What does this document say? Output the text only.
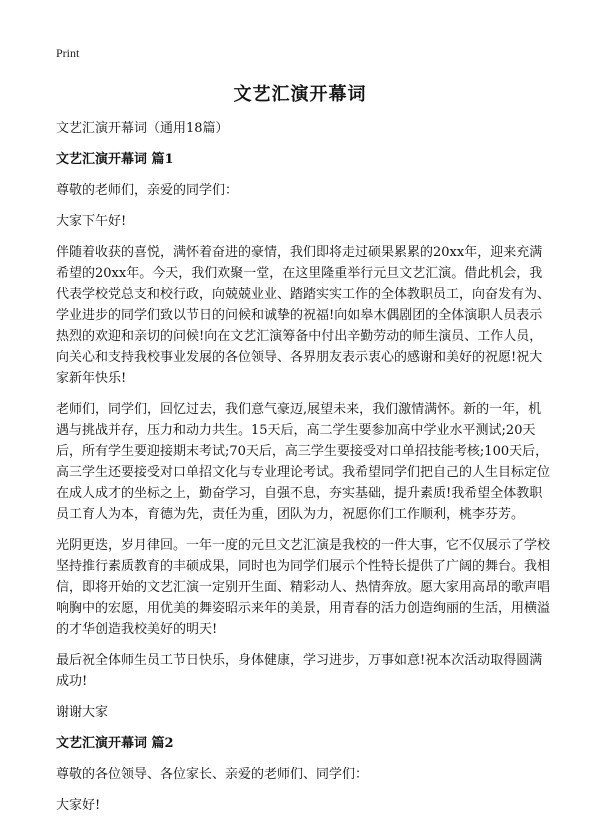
Print
文艺汇演开幕词

文艺汇演开幕词（通用18篇）

文艺汇演开幕词 篇1

尊敬的老师们，亲爱的同学们：

大家下午好!

伴随着收获的喜悦，满怀着奋进的豪情，我们即将走过硕果累累的20xx年，迎来充满希望的20xx年。今天，我们欢聚一堂，在这里隆重举行元旦文艺汇演。借此机会，我代表学校党总支和校行政，向兢兢业业、踏踏实实工作的全体教职员工，向奋发有为、学业进步的同学们致以节日的问候和诚挚的祝福!向如皋木偶剧团的全体演职人员表示热烈的欢迎和亲切的问候!向在文艺汇演筹备中付出辛勤劳动的师生演员、工作人员，向关心和支持我校事业发展的各位领导、各界朋友表示衷心的感谢和美好的祝愿!祝大家新年快乐!

老师们，同学们，回忆过去，我们意气豪迈,展望未来，我们激情满怀。新的一年，机遇与挑战并存，压力和动力共生。15天后，高二学生要参加高中学业水平测试;20天后，所有学生要迎接期末考试;70天后，高三学生要接受对口单招技能考核;100天后，高三学生还要接受对口单招文化与专业理论考试。我希望同学们把自己的人生目标定位在成人成才的坐标之上，勤奋学习，自强不息，夯实基础，提升素质!我希望全体教职员工育人为本，育德为先，责任为重，团队为力，祝愿你们工作顺利，桃李芬芳。

光阴更迭，岁月律回。一年一度的元旦文艺汇演是我校的一件大事，它不仅展示了学校坚持推行素质教育的丰硕成果，同时也为同学们展示个性特长提供了广阔的舞台。我相信，即将开始的文艺汇演一定别开生面、精彩动人、热情奔放。愿大家用高昂的歌声唱响胸中的宏愿，用优美的舞姿昭示来年的美景，用青春的活力创造绚丽的生活，用横溢的才华创造我校美好的明天!

最后祝全体师生员工节日快乐，身体健康，学习进步，万事如意!祝本次活动取得圆满成功!

谢谢大家

文艺汇演开幕词 篇2

尊敬的各位领导、各位家长、亲爱的老师们、同学们：

大家好!
